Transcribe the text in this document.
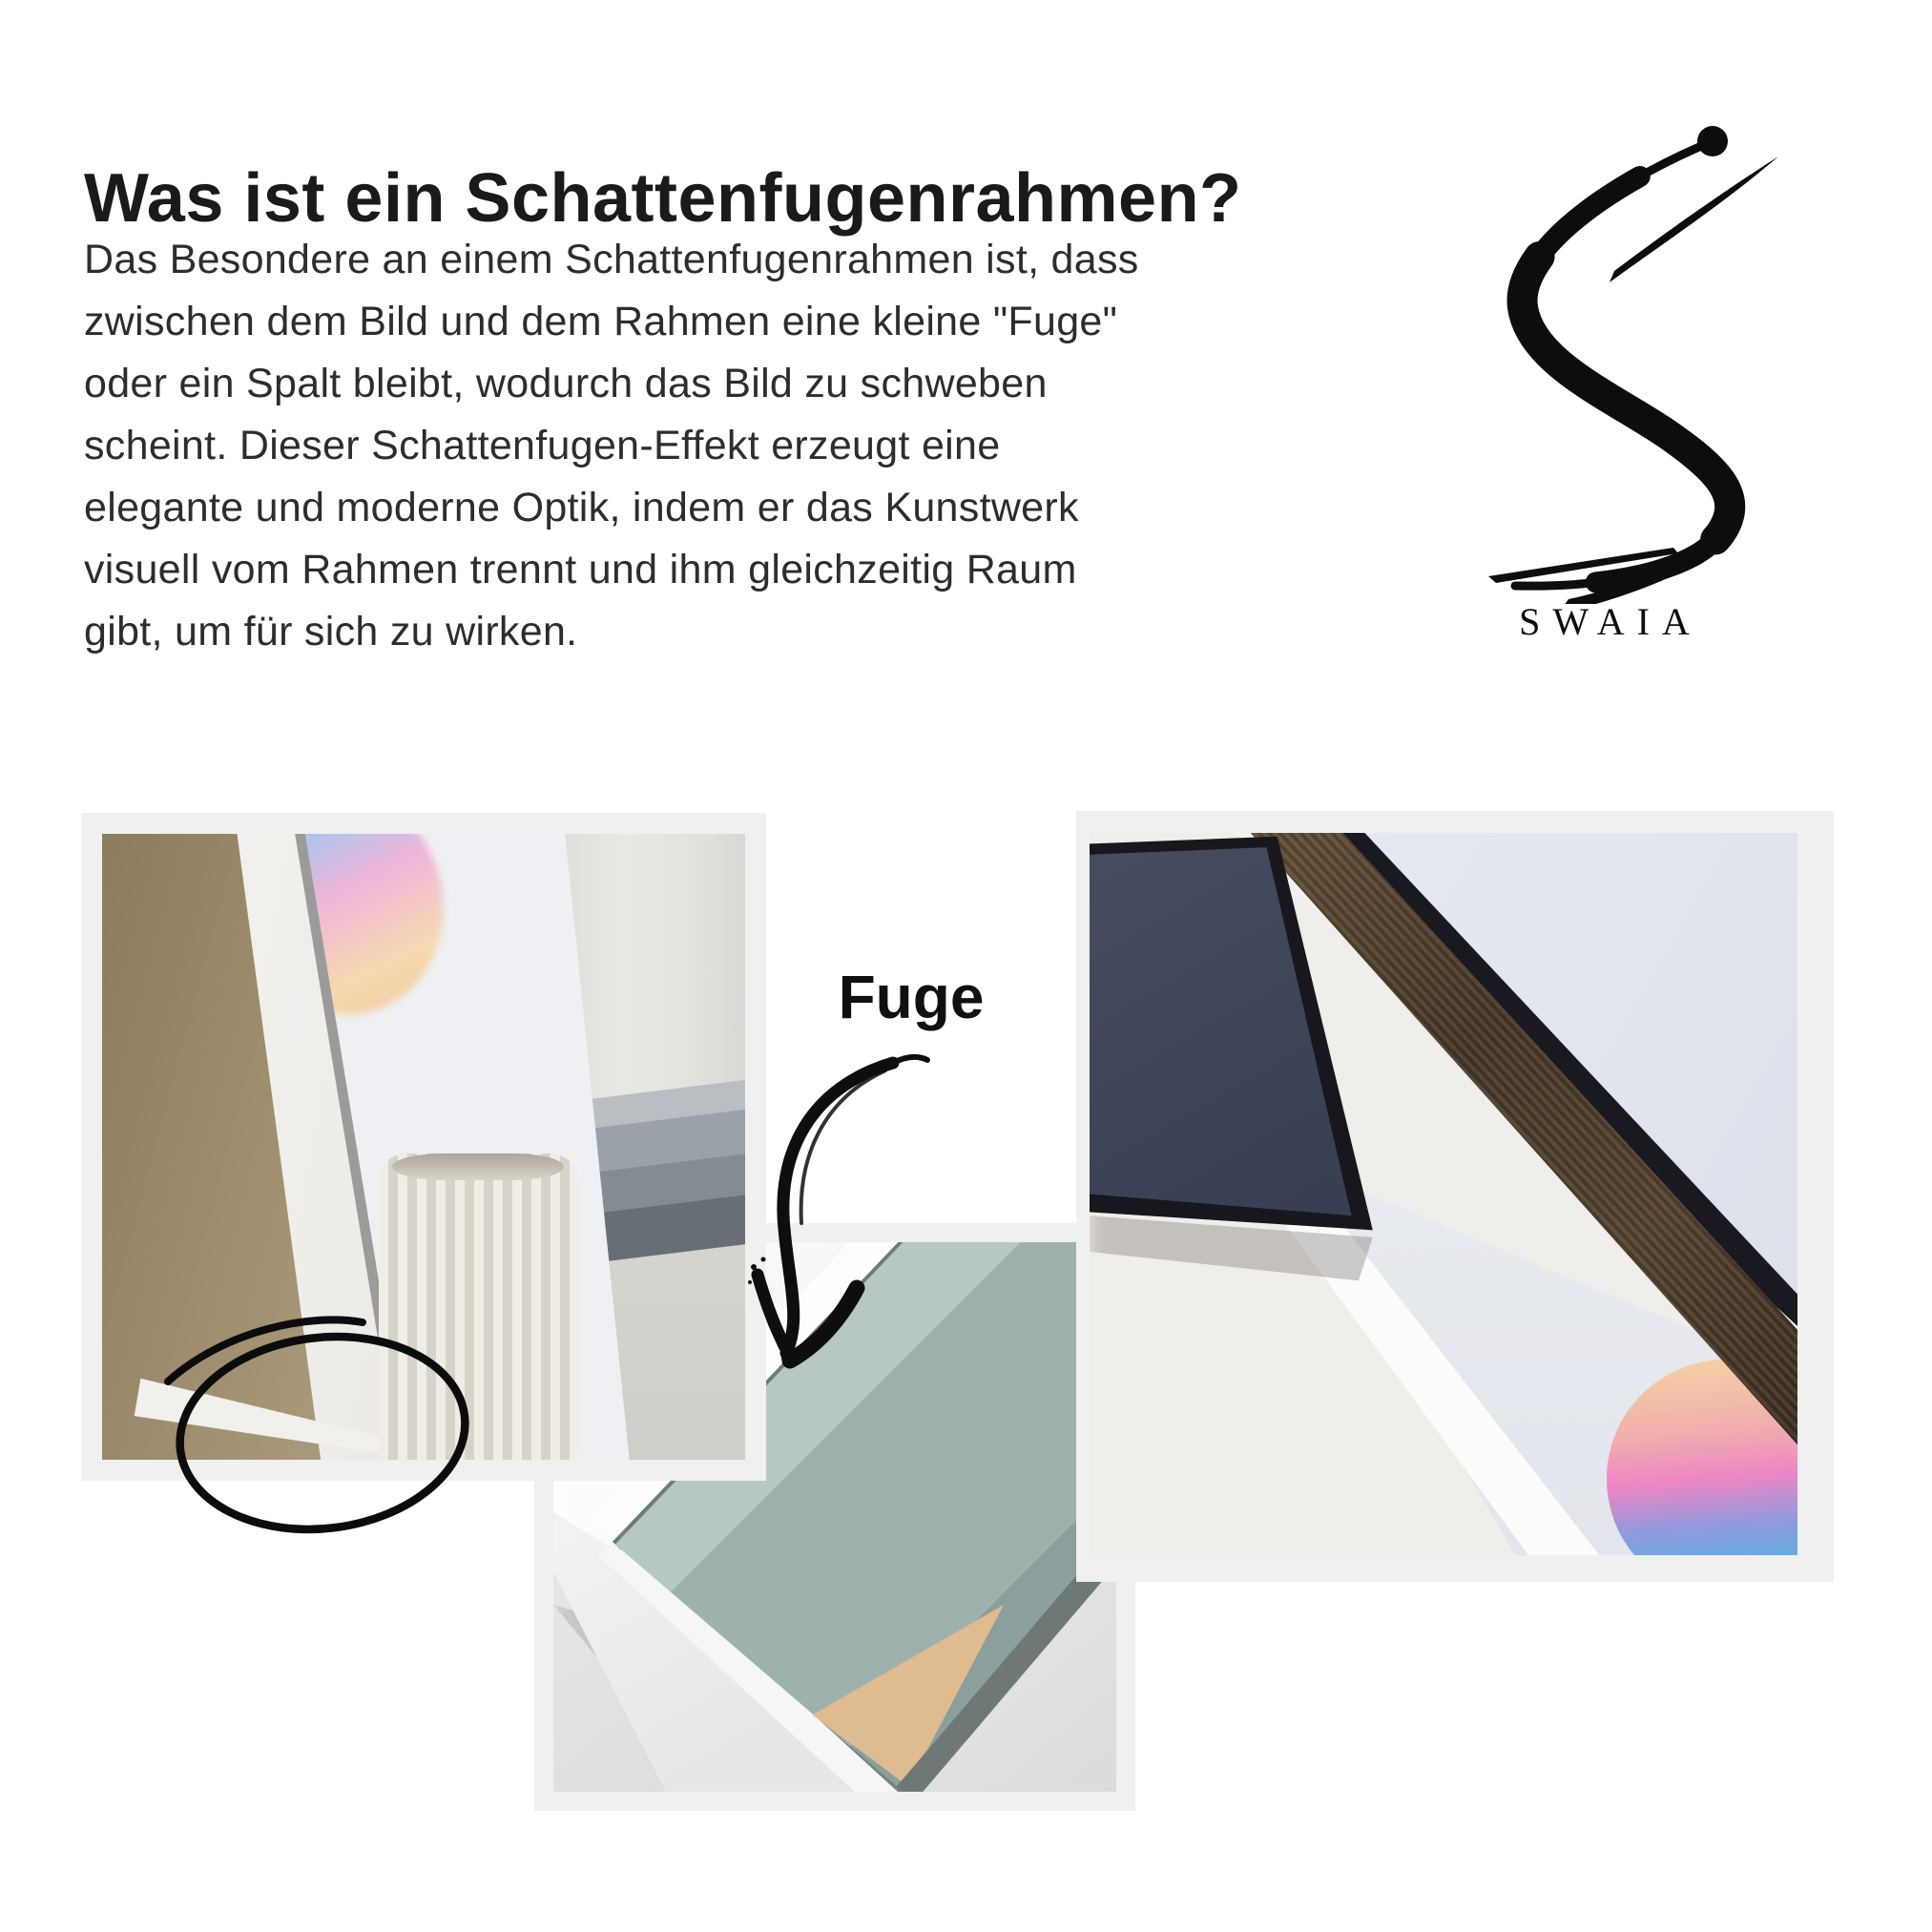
Was ist ein Schattenfugenrahmen?
Das Besondere an einem Schattenfugenrahmen ist, dass
zwischen dem Bild und dem Rahmen eine kleine "Fuge"
oder ein Spalt bleibt, wodurch das Bild zu schweben
scheint. Dieser Schattenfugen-Effekt erzeugt eine
elegante und moderne Optik, indem er das Kunstwerk
visuell vom Rahmen trennt und ihm gleichzeitig Raum
gibt, um für sich zu wirken.	SWAIA
Fuge
